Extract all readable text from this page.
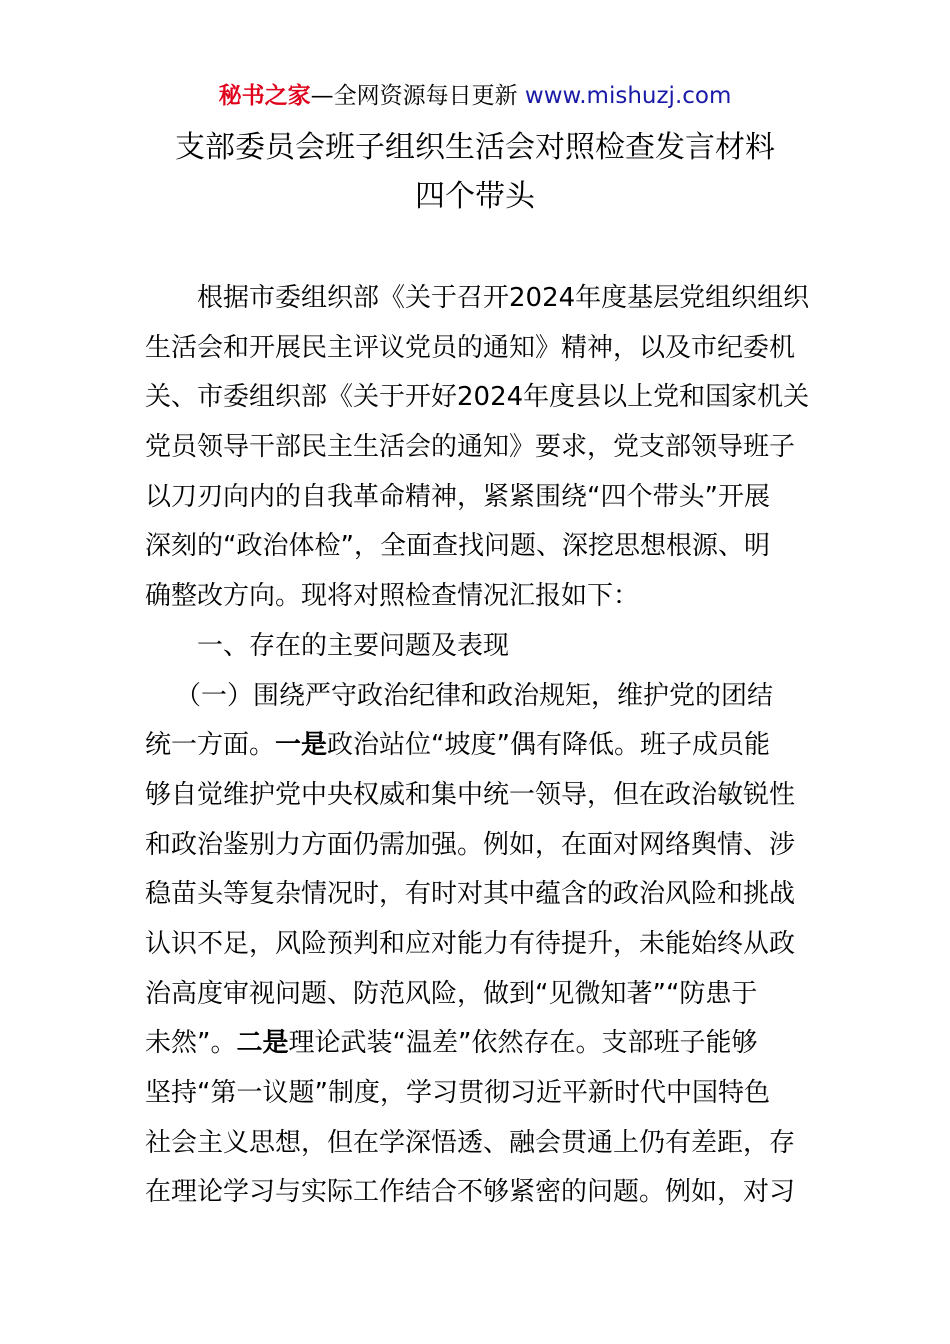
秘书之家—全网资源每日更新 www.mishuzj.com
支部委员会班子组织生活会对照检查发言材料
四个带头
根据市委组织部《关于召开2024年度基层党组织组织
生活会和开展民主评议党员的通知》精神，以及市纪委机
关、市委组织部《关于开好2024年度县以上党和国家机关
党员领导干部民主生活会的通知》要求，党支部领导班子
以刀刃向内的自我革命精神，紧紧围绕“四个带头”开展
深刻的“政治体检”，全面查找问题、深挖思想根源、明
确整改方向。现将对照检查情况汇报如下：
一、存在的主要问题及表现
（一）围绕严守政治纪律和政治规矩，维护党的团结
统一方面。一是政治站位“坡度”偶有降低。班子成员能
够自觉维护党中央权威和集中统一领导，但在政治敏锐性
和政治鉴别力方面仍需加强。例如，在面对网络舆情、涉
稳苗头等复杂情况时，有时对其中蕴含的政治风险和挑战
认识不足，风险预判和应对能力有待提升，未能始终从政
治高度审视问题、防范风险，做到“见微知著”“防患于
未然”。二是理论武装“温差”依然存在。支部班子能够
坚持“第一议题”制度，学习贯彻习近平新时代中国特色
社会主义思想，但在学深悟透、融会贯通上仍有差距，存
在理论学习与实际工作结合不够紧密的问题。例如，对习
